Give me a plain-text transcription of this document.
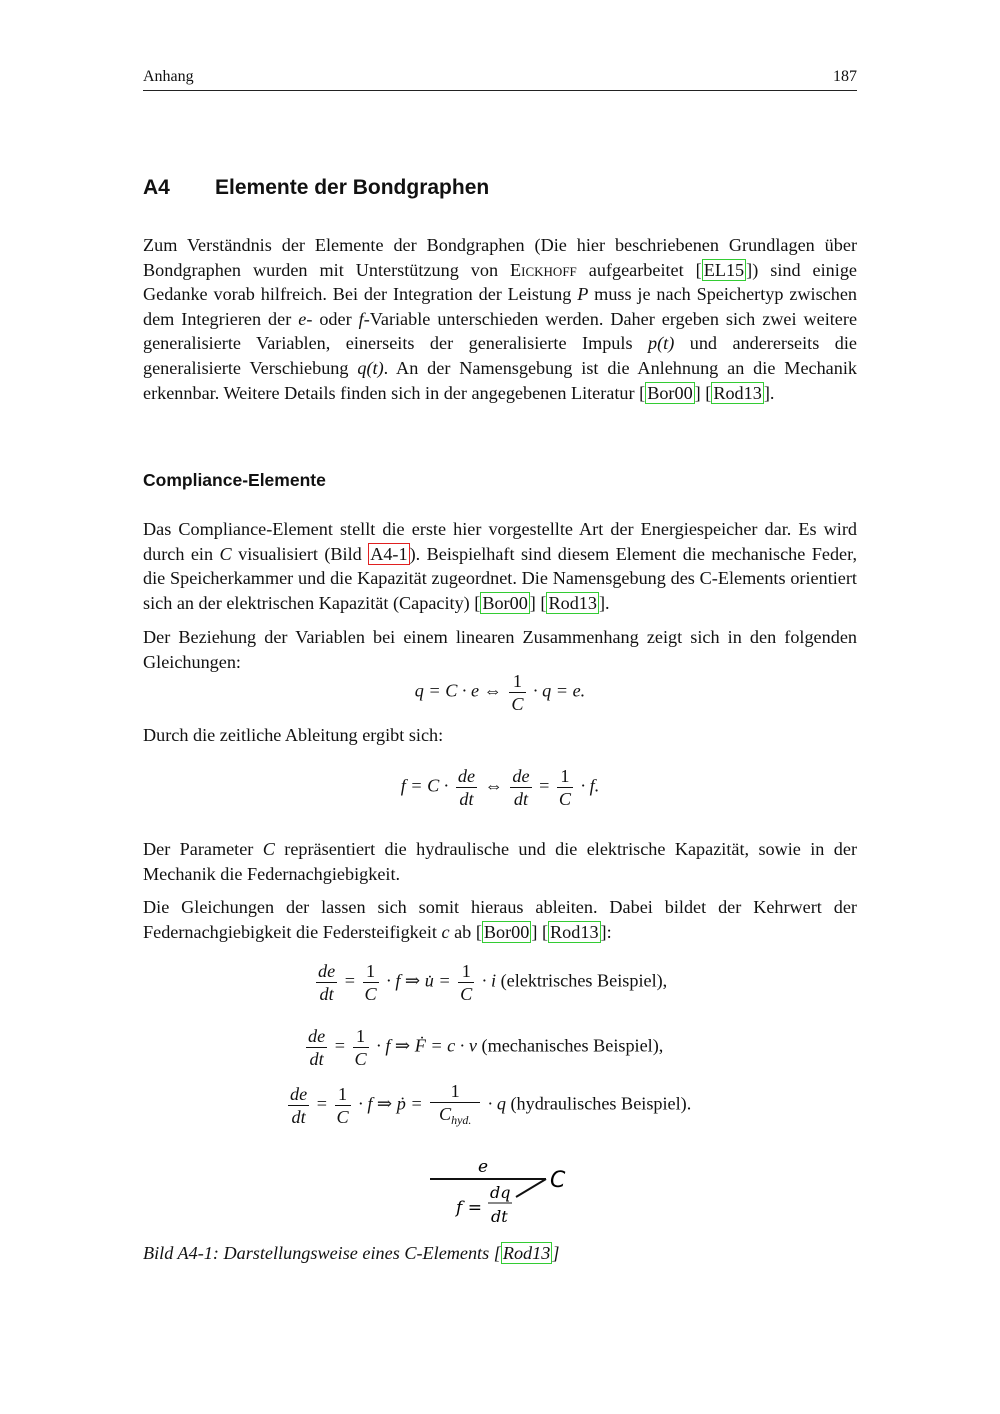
Anhang	187
A4 Elemente der Bondgraphen

Zum Verständnis der Elemente der Bondgraphen (Die hier beschriebenen Grundlagen über Bondgraphen wurden mit Unterstützung von Eickhoff aufgearbeitet [ EL15 ]) sind einige Gedanke vorab hilfreich. Bei der Integration der Leistung P muss je nach Speichertyp zwischen dem Integrieren der e- oder f-Variable unterschieden werden. Daher ergeben sich zwei weitere generalisierte Variablen, einerseits der generalisierte Impuls p(t) und andererseits die generalisierte Verschiebung q(t). An der Namensgebung ist die Anlehnung an die Mechanik erkennbar. Weitere Details finden sich in der angegebenen Literatur [ Bor00 ] [ Rod13 ].

Compliance-Elemente

Das Compliance-Element stellt die erste hier vorgestellte Art der Energiespeicher dar. Es wird durch ein C visualisiert (Bild A4-1 ). Beispielhaft sind diesem Element die mechanische Feder, die Speicherkammer und die Kapazität zugeordnet. Die Namensgebung des C-Elements orientiert sich an der elektrischen Kapazität (Capacity) [ Bor00 ] [ Rod13 ].

Der Beziehung der Variablen bei einem linearen Zusammenhang zeigt sich in den folgenden Gleichungen:

q = C · e ⇔ $\frac{1}{C} \cdot q = e$.

Durch die zeitliche Ableitung ergibt sich:

$f = C \cdot \frac{de}{dt}$ ⇔ $\frac{de}{dt} = \frac{1}{C} \cdot f$.

Der Parameter C repräsentiert die hydraulische und die elektrische Kapazität, sowie in der Mechanik die Federnachgiebigkeit.

Die Gleichungen der lassen sich somit hieraus ableiten. Dabei bildet der Kehrwert der Federnachgiebigkeit die Federsteifigkeit c ab [ Bor00 ] [ Rod13 ]:

$\frac{de}{dt} = \frac{1}{C} \cdot f$ ⇒ u̇ = $\frac{1}{C} \cdot i$ (elektrisches Beispiel),
$\frac{de}{dt} = \frac{1}{C} \cdot f$ ⇒ Ḟ = c · v (mechanisches Beispiel),
$\frac{de}{dt} = \frac{1}{C} \cdot f$ ⇒ ṗ = $\frac{1}{C_{hyd.}} \cdot q$ (hydraulisches Beispiel).
e
f =
dq
dt
C
Bild A4-1: Darstellungsweise eines C-Elements [ Rod13 ]
